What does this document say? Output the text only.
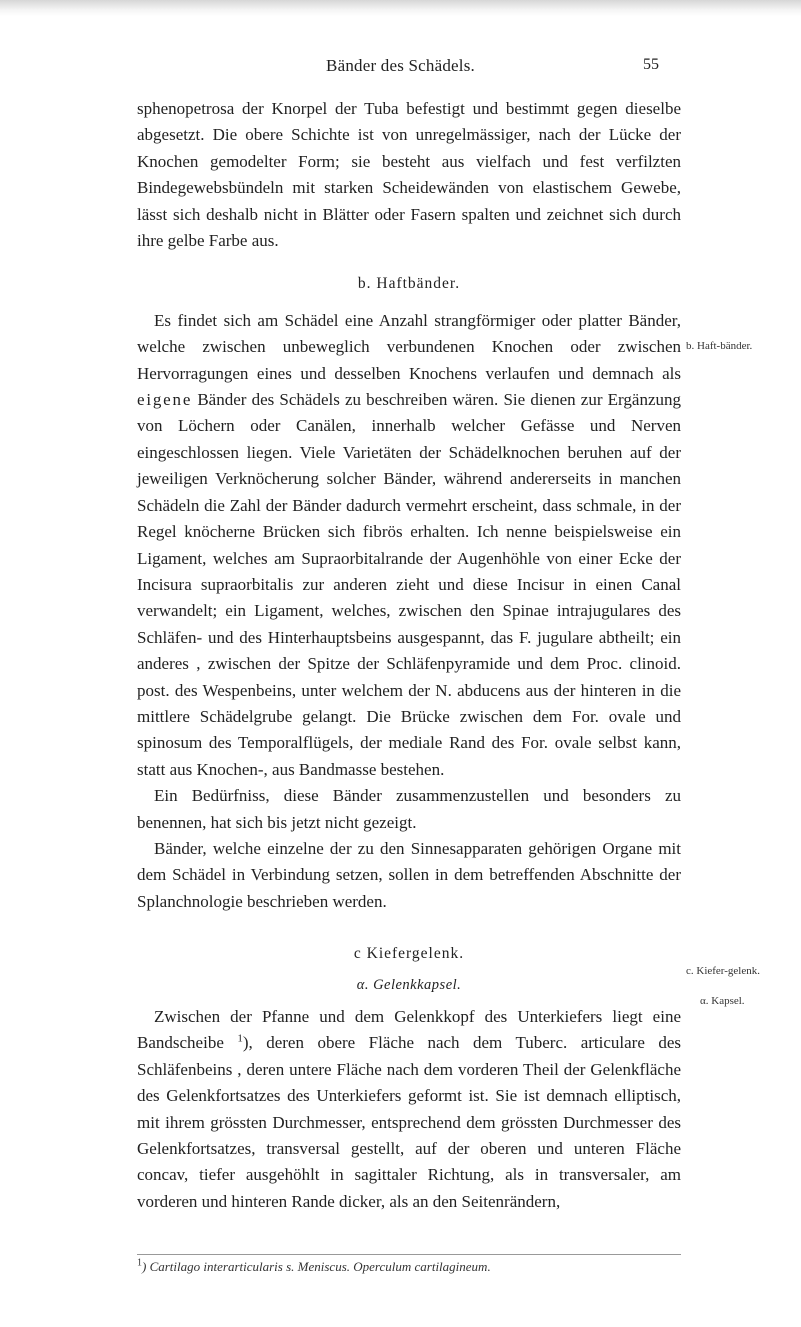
Bänder des Schädels.	55

sphenopetrosa der Knorpel der Tuba befestigt und bestimmt gegen dieselbe abgesetzt. Die obere Schichte ist von unregelmässiger, nach der Lücke der Knochen gemodelter Form; sie besteht aus vielfach und fest verfilzten Bindegewebsbündeln mit starken Scheidewänden von elastischem Gewebe, lässt sich deshalb nicht in Blätter oder Fasern spalten und zeichnet sich durch ihre gelbe Farbe aus.

b. Haftbänder.

Es findet sich am Schädel eine Anzahl strangförmiger oder platter Bänder, welche zwischen unbeweglich verbundenen Knochen oder zwischen Hervorragungen eines und desselben Knochens verlaufen und demnach als eigene Bänder des Schädels zu beschreiben wären. Sie dienen zur Ergänzung von Löchern oder Canälen, innerhalb welcher Gefässe und Nerven eingeschlossen liegen. Viele Varietäten der Schädelknochen beruhen auf der jeweiligen Verknöcherung solcher Bänder, während andererseits in manchen Schädeln die Zahl der Bänder dadurch vermehrt erscheint, dass schmale, in der Regel knöcherne Brücken sich fibrös erhalten. Ich nenne beispielsweise ein Ligament, welches am Supraorbitalrande der Augenhöhle von einer Ecke der Incisura supraorbitalis zur anderen zieht und diese Incisur in einen Canal verwandelt; ein Ligament, welches, zwischen den Spinae intrajugulares des Schläfen- und des Hinterhauptsbeins ausgespannt, das F. jugulare abtheilt; ein anderes , zwischen der Spitze der Schläfenpyramide und dem Proc. clinoid. post. des Wespenbeins, unter welchem der N. abducens aus der hinteren in die mittlere Schädelgrube gelangt. Die Brücke zwischen dem For. ovale und spinosum des Temporalflügels, der mediale Rand des For. ovale selbst kann, statt aus Knochen-, aus Bandmasse bestehen.

Ein Bedürfniss, diese Bänder zusammenzustellen und besonders zu benennen, hat sich bis jetzt nicht gezeigt.

Bänder, welche einzelne der zu den Sinnesapparaten gehörigen Organe mit dem Schädel in Verbindung setzen, sollen in dem betreffenden Abschnitte der Splanchnologie beschrieben werden.

c Kiefergelenk.

α. Gelenkkapsel.

Zwischen der Pfanne und dem Gelenkkopf des Unterkiefers liegt eine Bandscheibe $^1$), deren obere Fläche nach dem Tuberc. articulare des Schläfenbeins , deren untere Fläche nach dem vorderen Theil der Gelenkfläche des Gelenkfortsatzes des Unterkiefers geformt ist. Sie ist demnach elliptisch, mit ihrem grössten Durchmesser, entsprechend dem grössten Durchmesser des Gelenkfortsatzes, transversal gestellt, auf der oberen und unteren Fläche concav, tiefer ausgehöhlt in sagittaler Richtung, als in transversaler, am vorderen und hinteren Rande dicker, als an den Seitenrändern,

b. Haft-bänder.
c. Kiefer-gelenk.
α. Kapsel.
$^1$) Cartilago interarticularis s. Meniscus. Operculum cartilagineum.
